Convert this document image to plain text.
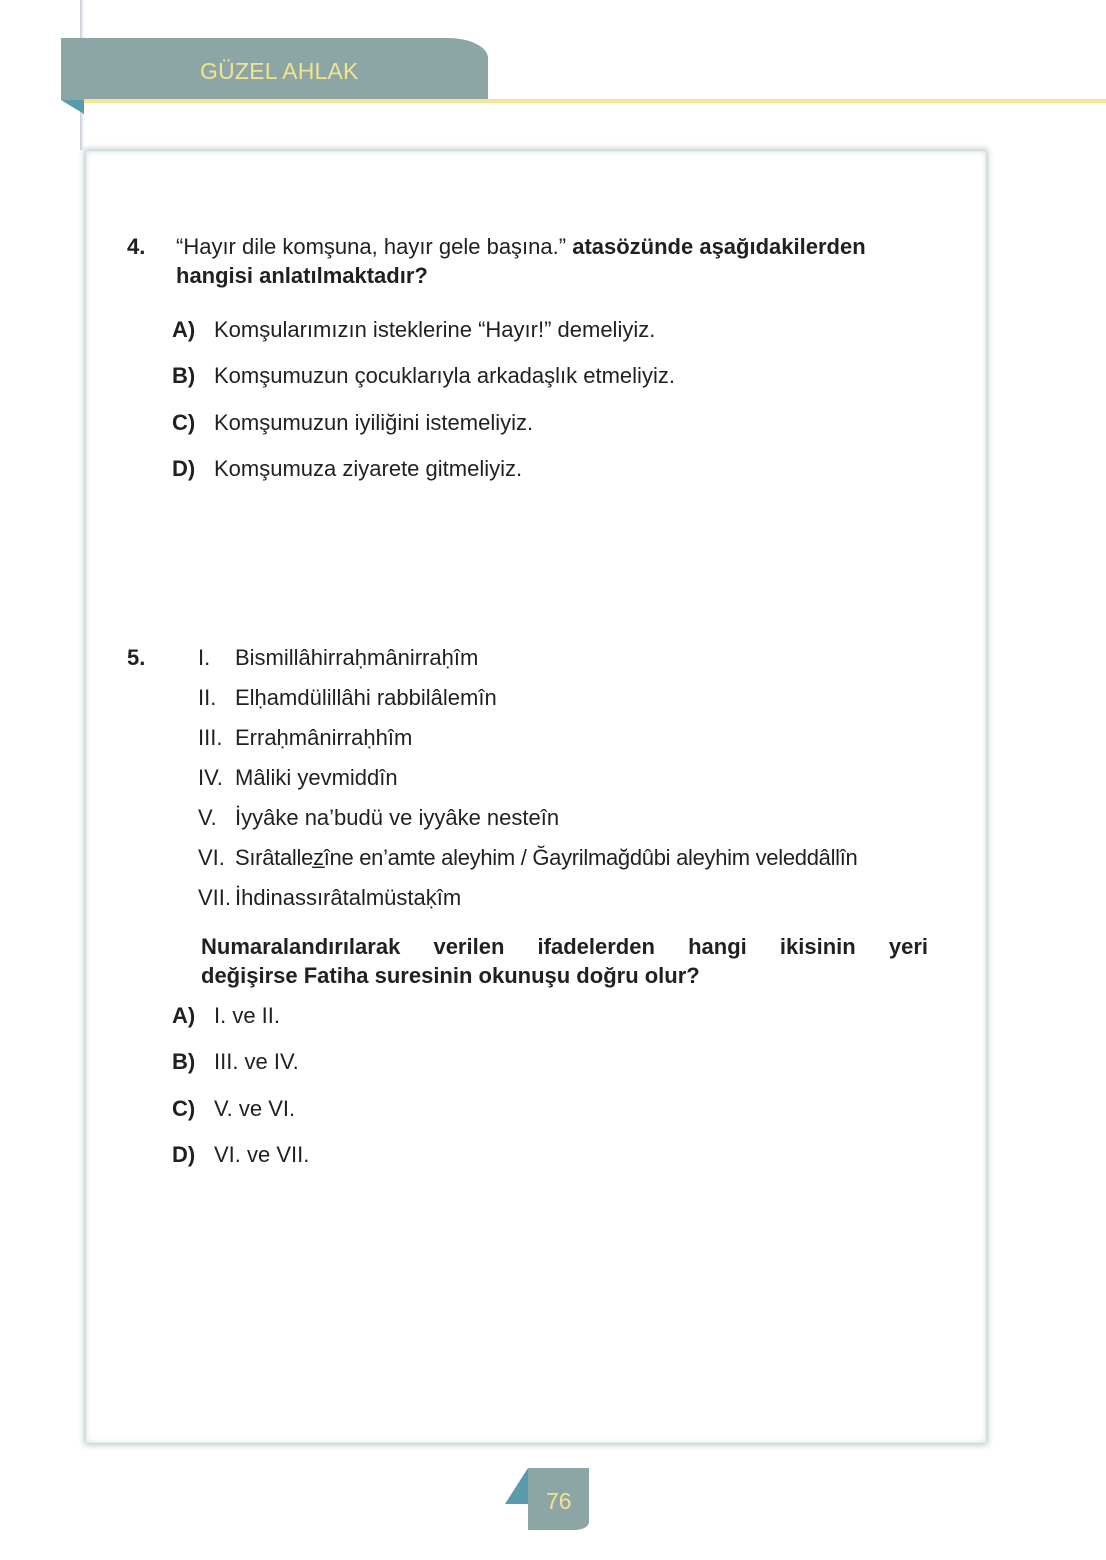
GÜZEL AHLAK
4. “Hayır dile komşuna, hayır gele başına.” atasözünde aşağıdakilerden
hangisi anlatılmaktadır?
A) Komşularımızın isteklerine “Hayır!” demeliyiz.
B) Komşumuzun çocuklarıyla arkadaşlık etmeliyiz.
C) Komşumuzun iyiliğini istemeliyiz.
D) Komşumuza ziyarete gitmeliyiz.
5. I. Bismillâhirraḥmânirraḥîm
II. Elḥamdülillâhi rabbilâlemîn
III. Erraḥmânirraḥhîm
IV. Mâliki yevmiddîn
V. İyyâke na’budü ve iyyâke nesteîn
VI. Sırâtallez̲îne en’amte aleyhim / Ğayrilmağdûbi aleyhim veleddâllîn
VII. İhdinassırâtalmüstaḳîm
Numaralandırılarak verilen ifadelerden hangi ikisinin yeri
değişirse Fatiha suresinin okunuşu doğru olur?
A) I. ve II.
B) III. ve IV.
C) V. ve VI.
D) VI. ve VII.
76
